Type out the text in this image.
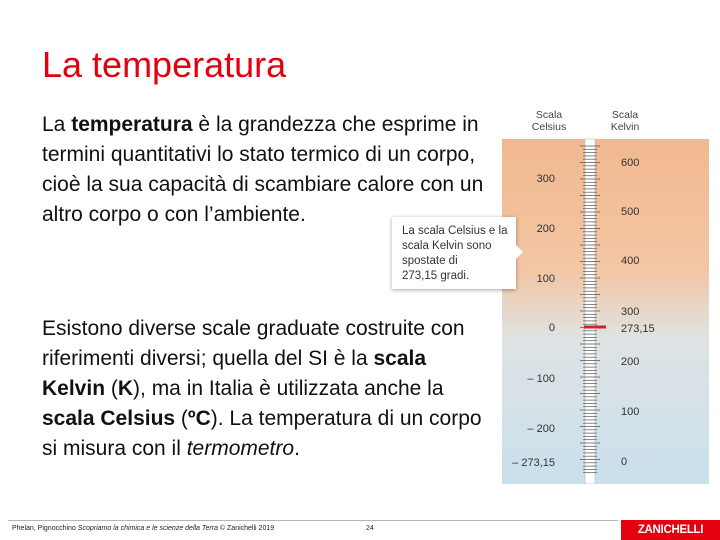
La temperatura
La temperatura è la grandezza che esprime in termini quantitativi lo stato termico di un corpo, cioè la sua capacità di scambiare calore con un altro corpo o con l’ambiente.
Esistono diverse scale graduate costruite con riferimenti diversi; quella del SI è la scala Kelvin (K), ma in Italia è utilizzata anche la scala Celsius (ºC). La temperatura di un corpo si misura con il termometro.
Scala
Celsius
Scala
Kelvin
300
200
100
0
– 100
– 200
– 273,15
600
500
400
300
273,15
200
100
0
La scala Celsius e la
scala Kelvin sono
spostate di
273,15 gradi.
Phelan, Pignocchino Scopriamo la chimica e le scienze della Terra © Zanichelli 2019	24	ZANICHELLI
